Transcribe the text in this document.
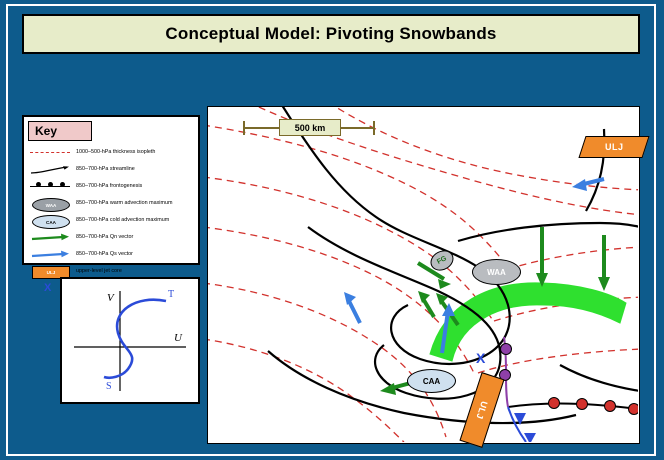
Conceptual Model: Pivoting Snowbands
Key
1000–500-hPa thickness isopleth
850–700-hPa streamline
850–700-hPa frontogenesis
WAA	850–700-hPa warm advection maximum
CAA	850–700-hPa cold advection maximum
850–700-hPa Qn vector
850–700-hPa Qs vector
ULJ	upper-level jet core
X
V
U
T
S
X
WAA
CAA
FG
ULJ
ULJ
500 km
